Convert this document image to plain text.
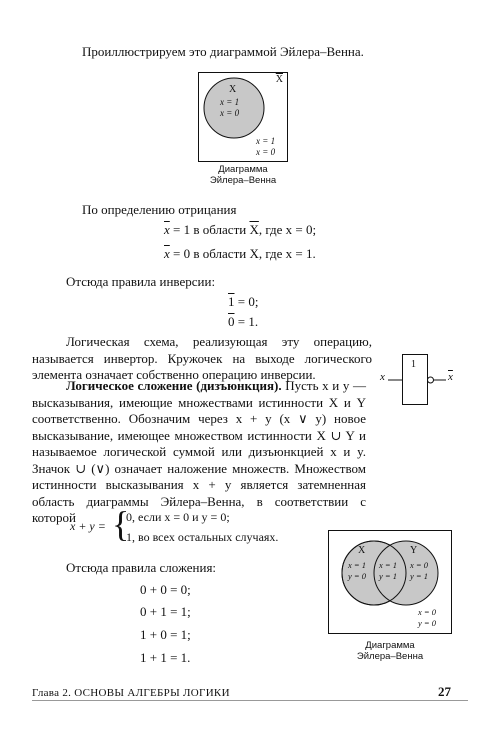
Проиллюстрируем это диаграммой Эйлера–Венна.
$\overline{X}$
X
x = 1
x = 0
x = 1
x = 0
Диаграмма
Эйлера–Венна
По определению отрицания
$\overline{x} = 1$ в области $\overline{X}$, где x = 0;
$\overline{x} = 0$ в области X, где x = 1.
Отсюда правила инверсии:
1 = 0;
0 = 1.
Логическая схема, реализующая эту операцию, называется инвертор. Кружочек на выходе логического элемента означает собственно операцию инверсии.	x
1
$\overline{x}$
Логическое сложение (дизъюнкция). Пусть x и y — высказывания, имеющие множествами истинности X и Y соответственно. Обозначим через x + y (x ∨ y) новое высказывание, имеющее множеством истинности X ∪ Y и называемое логической суммой или дизъюнкцией x и y. Значок ∪ (∨) означает наложение множеств. Множеством истинности высказывания x + y является затемненная область диаграммы Эйлера–Венна, в соответствии с которой
x + y = {
0, если x = 0 и y = 0;
1, во всех остальных случаях.
Отсюда правила сложения:
0 + 0 = 0;
0 + 1 = 1;
1 + 0 = 1;
1 + 1 = 1.
X	Y
x = 1
y = 0
x = 1
y = 1
x = 0
y = 1
x = 0
y = 0
Диаграмма
Эйлера–Венна
Глава 2. ОСНОВЫ АЛГЕБРЫ ЛОГИКИ	27
